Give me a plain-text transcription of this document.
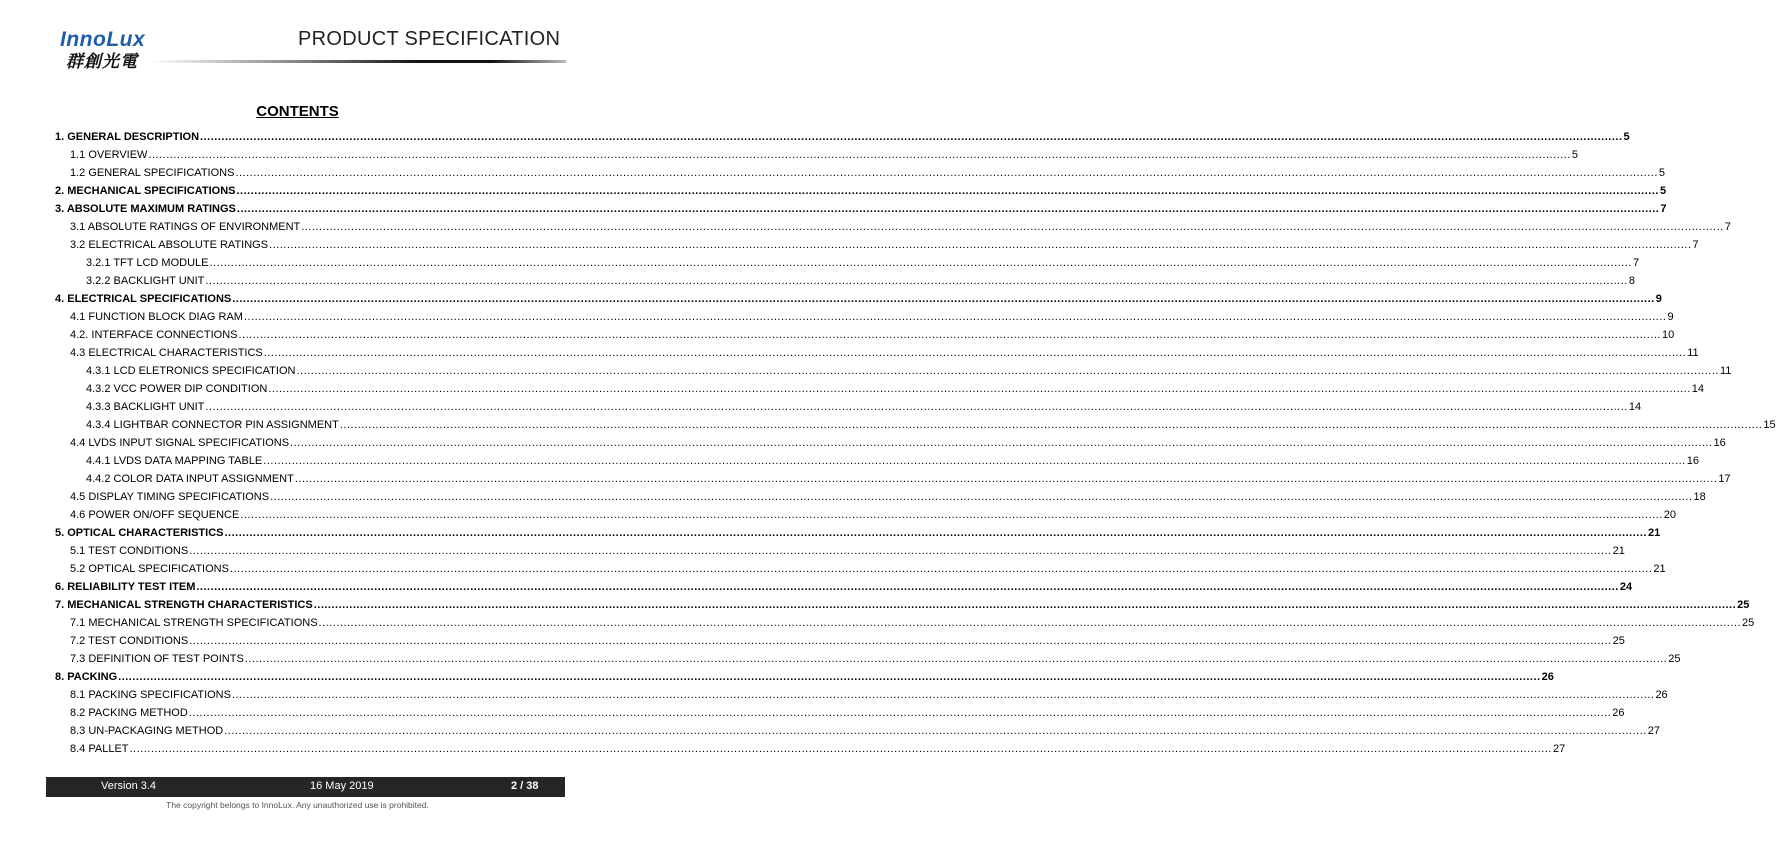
InnoLux
群創光電
PRODUCT SPECIFICATION
CONTENTS
1. GENERAL DESCRIPTION ................................................................................................................................................................................................................................................................................................................................................................................................................ 5
1.1 OVERVIEW ................................................................................................................................................................................................................................................................................................................................................................................................................ 5
1.2 GENERAL SPECIFICATIONS ................................................................................................................................................................................................................................................................................................................................................................................................................ 5
2. MECHANICAL SPECIFICATIONS ................................................................................................................................................................................................................................................................................................................................................................................................................ 5
3. ABSOLUTE MAXIMUM RATINGS ................................................................................................................................................................................................................................................................................................................................................................................................................ 7
3.1 ABSOLUTE RATINGS OF ENVIRONMENT ................................................................................................................................................................................................................................................................................................................................................................................................................ 7
3.2 ELECTRICAL ABSOLUTE RATINGS ................................................................................................................................................................................................................................................................................................................................................................................................................ 7
3.2.1 TFT LCD MODULE ................................................................................................................................................................................................................................................................................................................................................................................................................ 7
3.2.2 BACKLIGHT UNIT ................................................................................................................................................................................................................................................................................................................................................................................................................ 8
4. ELECTRICAL SPECIFICATIONS ................................................................................................................................................................................................................................................................................................................................................................................................................ 9
4.1 FUNCTION BLOCK DIAG RAM ................................................................................................................................................................................................................................................................................................................................................................................................................ 9
4.2. INTERFACE CONNECTIONS ................................................................................................................................................................................................................................................................................................................................................................................................................ 10
4.3 ELECTRICAL CHARACTERISTICS ................................................................................................................................................................................................................................................................................................................................................................................................................ 11
4.3.1 LCD ELETRONICS SPECIFICATION ................................................................................................................................................................................................................................................................................................................................................................................................................ 11
4.3.2 VCC POWER DIP CONDITION ................................................................................................................................................................................................................................................................................................................................................................................................................ 14
4.3.3 BACKLIGHT UNIT ................................................................................................................................................................................................................................................................................................................................................................................................................ 14
4.3.4 LIGHTBAR CONNECTOR PIN ASSIGNMENT ................................................................................................................................................................................................................................................................................................................................................................................................................ 15
4.4 LVDS INPUT SIGNAL SPECIFICATIONS ................................................................................................................................................................................................................................................................................................................................................................................................................ 16
4.4.1 LVDS DATA MAPPING TABLE ................................................................................................................................................................................................................................................................................................................................................................................................................ 16
4.4.2 COLOR DATA INPUT ASSIGNMENT ................................................................................................................................................................................................................................................................................................................................................................................................................ 17
4.5 DISPLAY TIMING SPECIFICATIONS ................................................................................................................................................................................................................................................................................................................................................................................................................ 18
4.6 POWER ON/OFF SEQUENCE ................................................................................................................................................................................................................................................................................................................................................................................................................ 20
5. OPTICAL CHARACTERISTICS ................................................................................................................................................................................................................................................................................................................................................................................................................ 21
5.1 TEST CONDITIONS ................................................................................................................................................................................................................................................................................................................................................................................................................ 21
5.2 OPTICAL SPECIFICATIONS ................................................................................................................................................................................................................................................................................................................................................................................................................ 21
6. RELIABILITY TEST ITEM ................................................................................................................................................................................................................................................................................................................................................................................................................ 24
7. MECHANICAL STRENGTH CHARACTERISTICS ................................................................................................................................................................................................................................................................................................................................................................................................................ 25
7.1 MECHANICAL STRENGTH SPECIFICATIONS ................................................................................................................................................................................................................................................................................................................................................................................................................ 25
7.2 TEST CONDITIONS ................................................................................................................................................................................................................................................................................................................................................................................................................ 25
7.3 DEFINITION OF TEST POINTS ................................................................................................................................................................................................................................................................................................................................................................................................................ 25
8. PACKING ................................................................................................................................................................................................................................................................................................................................................................................................................ 26
8.1 PACKING SPECIFICATIONS ................................................................................................................................................................................................................................................................................................................................................................................................................ 26
8.2 PACKING METHOD ................................................................................................................................................................................................................................................................................................................................................................................................................ 26
8.3 UN-PACKAGING METHOD ................................................................................................................................................................................................................................................................................................................................................................................................................ 27
8.4 PALLET ................................................................................................................................................................................................................................................................................................................................................................................................................ 27
Version 3.4	16 May 2019	2 / 38
The copyright belongs to InnoLux. Any unauthorized use is prohibited.
